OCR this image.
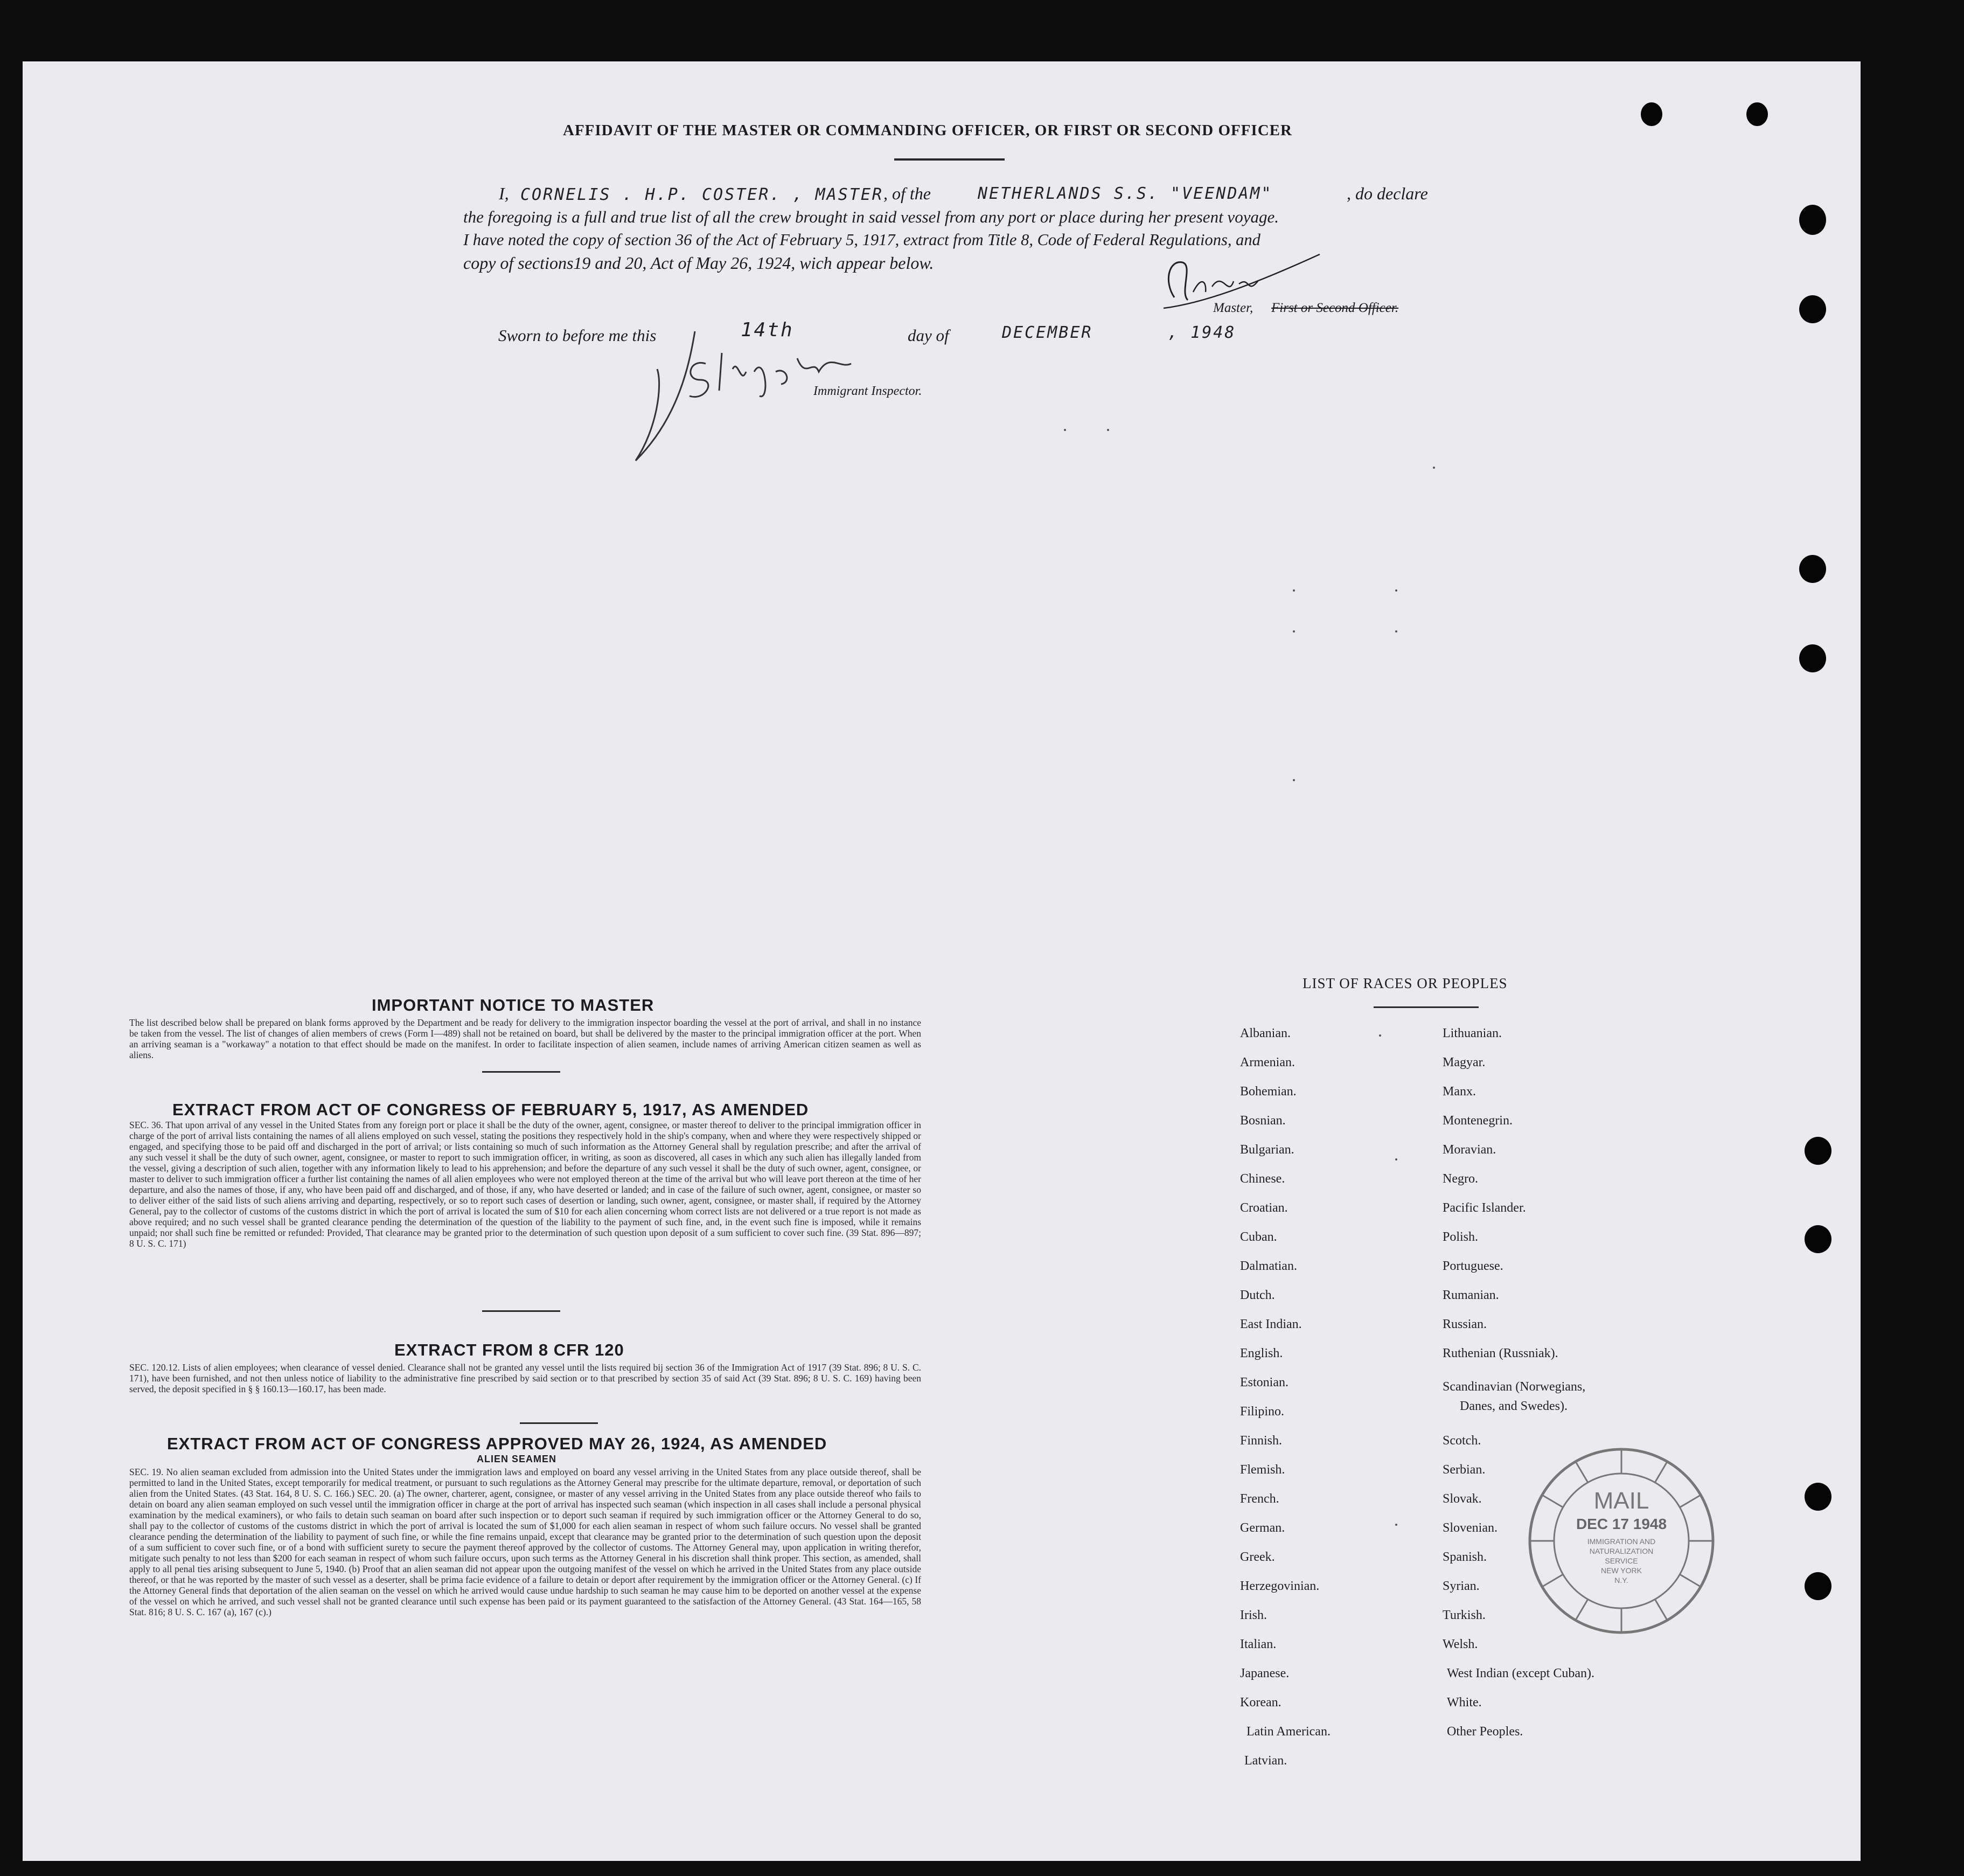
AFFIDAVIT OF THE MASTER OR COMMANDING OFFICER, OR FIRST OR SECOND OFFICER
I, CORNELIS . H.P. COSTER. , MASTER , of the	NETHERLANDS S.S. "VEENDAM"	, do declare
the foregoing is a full and true list of all the crew brought in said vessel from any port or place during her present voyage.
I have noted the copy of section 36 of the Act of February 5, 1917, extract from Title 8, Code of Federal Regulations, and
copy of sections19 and 20, Act of May 26, 1924, wich appear below.
Coster
Master, First or Second Officer.
Sworn to before me this	14th	day of	DECEMBER	, 1948
J Singer
Immigrant Inspector.
IMPORTANT NOTICE TO MASTER
The list described below shall be prepared on blank forms approved by the Department and be ready for delivery to the immigration inspector boarding the vessel at the port of arrival, and shall in no instance be taken from the vessel. The list of changes of alien members of crews (Form I—489) shall not be retained on board, but shall be delivered by the master to the principal immigration officer at the port. When an arriving seaman is a "workaway" a notation to that effect should be made on the manifest. In order to facilitate inspection of alien seamen, include names of arriving American citizen seamen as well as aliens.
EXTRACT FROM ACT OF CONGRESS OF FEBRUARY 5, 1917, AS AMENDED
SEC. 36. That upon arrival of any vessel in the United States from any foreign port or place it shall be the duty of the owner, agent, consignee, or master thereof to deliver to the principal immigration officer in charge of the port of arrival lists containing the names of all aliens employed on such vessel, stating the positions they respectively hold in the ship's company, when and where they were respectively shipped or engaged, and specifying those to be paid off and discharged in the port of arrival; or lists containing so much of such information as the Attorney General shall by regulation prescribe; and after the arrival of any such vessel it shall be the duty of such owner, agent, consignee, or master to report to such immigration officer, in writing, as soon as discovered, all cases in which any such alien has illegally landed from the vessel, giving a description of such alien, together with any information likely to lead to his apprehension; and before the departure of any such vessel it shall be the duty of such owner, agent, consignee, or master to deliver to such immigration officer a further list containing the names of all alien employees who were not employed thereon at the time of the arrival but who will leave port thereon at the time of her departure, and also the names of those, if any, who have been paid off and discharged, and of those, if any, who have deserted or landed; and in case of the failure of such owner, agent, consignee, or master so to deliver either of the said lists of such aliens arriving and departing, respectively, or so to report such cases of desertion or landing, such owner, agent, consignee, or master shall, if required by the Attorney General, pay to the collector of customs of the customs district in which the port of arrival is located the sum of $10 for each alien concerning whom correct lists are not delivered or a true report is not made as above required; and no such vessel shall be granted clearance pending the determination of the question of the liability to the payment of such fine, and, in the event such fine is imposed, while it remains unpaid; nor shall such fine be remitted or refunded: Provided, That clearance may be granted prior to the determination of such question upon deposit of a sum sufficient to cover such fine. (39 Stat. 896—897; 8 U. S. C. 171)
EXTRACT FROM 8 CFR 120
SEC. 120.12. Lists of alien employees; when clearance of vessel denied. Clearance shall not be granted any vessel until the lists required bij section 36 of the Immigration Act of 1917 (39 Stat. 896; 8 U. S. C. 171), have been furnished, and not then unless notice of liability to the administrative fine prescribed by said section or to that prescribed by section 35 of said Act (39 Stat. 896; 8 U. S. C. 169) having been served, the deposit specified in § § 160.13—160.17, has been made.
EXTRACT FROM ACT OF CONGRESS APPROVED MAY 26, 1924, AS AMENDED
ALIEN SEAMEN
SEC. 19. No alien seaman excluded from admission into the United States under the immigration laws and employed on board any vessel arriving in the United States from any place outside thereof, shall be permitted to land in the United States, except temporarily for medical treatment, or pursuant to such regulations as the Attorney General may prescribe for the ultimate departure, removal, or deportation of such alien from the United States. (43 Stat. 164, 8 U. S. C. 166.) SEC. 20. (a) The owner, charterer, agent, consignee, or master of any vessel arriving in the United States from any place outside thereof who fails to detain on board any alien seaman employed on such vessel until the immigration officer in charge at the port of arrival has inspected such seaman (which inspection in all cases shall include a personal physical examination by the medical examiners), or who fails to detain such seaman on board after such inspection or to deport such seaman if required by such immigration officer or the Attorney General to do so, shall pay to the collector of customs of the customs district in which the port of arrival is located the sum of $1,000 for each alien seaman in respect of whom such failure occurs. No vessel shall be granted clearance pending the determination of the liability to payment of such fine, or while the fine remains unpaid, except that clearance may be granted prior to the determination of such question upon the deposit of a sum sufficient to cover such fine, or of a bond with sufficient surety to secure the payment thereof approved by the collector of customs. The Attorney General may, upon application in writing therefor, mitigate such penalty to not less than $200 for each seaman in respect of whom such failure occurs, upon such terms as the Attorney General in his discretion shall think proper. This section, as amended, shall apply to all penal ties arising subsequent to June 5, 1940. (b) Proof that an alien seaman did not appear upon the outgoing manifest of the vessel on which he arrived in the United States from any place outside thereof, or that he was reported by the master of such vessel as a deserter, shall be prima facie evidence of a failure to detain or deport after requirement by the immigration officer or the Attorney General. (c) If the Attorney General finds that deportation of the alien seaman on the vessel on which he arrived would cause undue hardship to such seaman he may cause him to be deported on another vessel at the expense of the vessel on which he arrived, and such vessel shall not be granted clearance until such expense has been paid or its payment guaranteed to the satisfaction of the Attorney General. (43 Stat. 164—165, 58 Stat. 816; 8 U. S. C. 167 (a), 167 (c).)
LIST OF RACES OR PEOPLES
Albanian.
Armenian.
Bohemian.
Bosnian.
Bulgarian.
Chinese.
Croatian.
Cuban.
Dalmatian.
Dutch.
East Indian.
English.
Estonian.
Filipino.
Finnish.
Flemish.
French.
German.
Greek.
Herzegovinian.
Irish.
Italian.
Japanese.
Korean.
Latin American.
Latvian.
Lithuanian.
Magyar.
Manx.
Montenegrin.
Moravian.
Negro.
Pacific Islander.
Polish.
Portuguese.
Rumanian.
Russian.
Ruthenian (Russniak).
Scandinavian (Norwegians,
Danes, and Swedes).
Scotch.
Serbian.
Slovak.
Slovenian.
Spanish.
Syrian.
Turkish.
Welsh.
West Indian (except Cuban).
White.
Other Peoples.
MAIL
DEC 17 1948
IMMIGRATION AND
NATURALIZATION
SERVICE
NEW YORK
N.Y.
